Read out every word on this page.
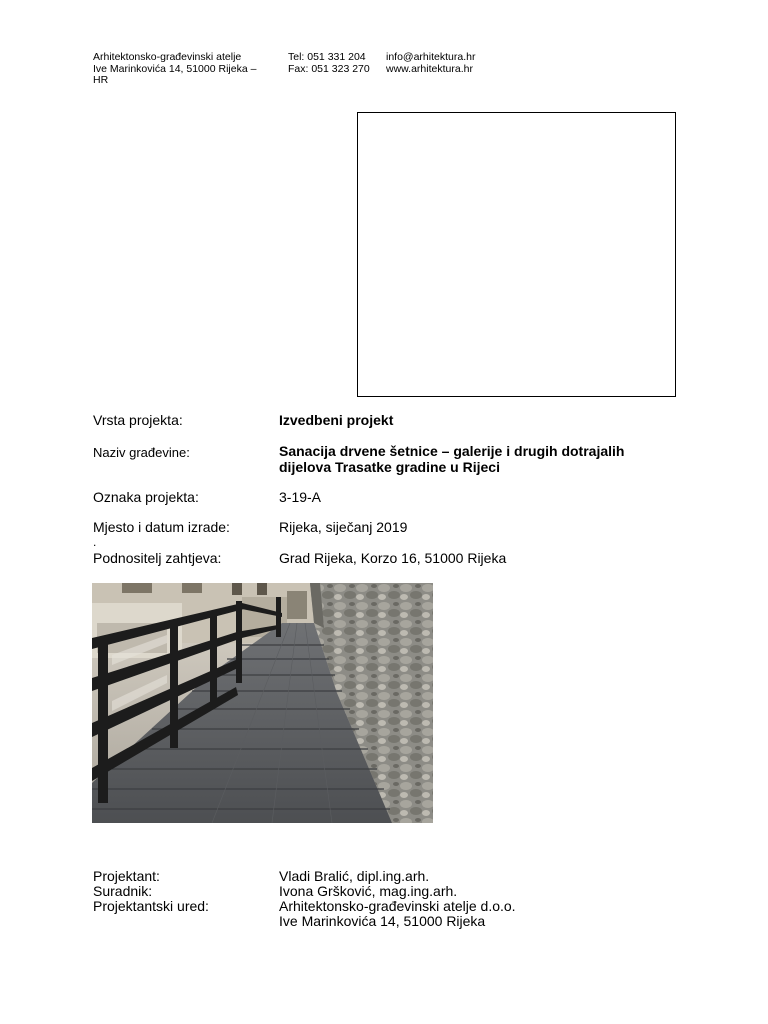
Arhitektonsko-građevinski atelje
Ive Marinkovića 14, 51000 Rijeka –
HR
Tel: 051 331 204
Fax: 051 323 270
info@arhitektura.hr
www.arhitektura.hr
Vrsta projekta:	Izvedbeni projekt
Naziv građevine:	Sanacija drvene šetnice – galerije i drugih dotrajalih
dijelova Trasatke gradine u Rijeci
Oznaka projekta:	3-19-A
Mjesto i datum izrade:	Rijeka, siječanj 2019
.
Podnositelj zahtjeva:	Grad Rijeka, Korzo 16, 51000 Rijeka
Projektant:	Vladi Bralić, dipl.ing.arh.
Suradnik:	Ivona Gršković, mag.ing.arh.
Projektantski ured:	Arhitektonsko-građevinski atelje d.o.o.
Ive Marinkovića 14, 51000 Rijeka
